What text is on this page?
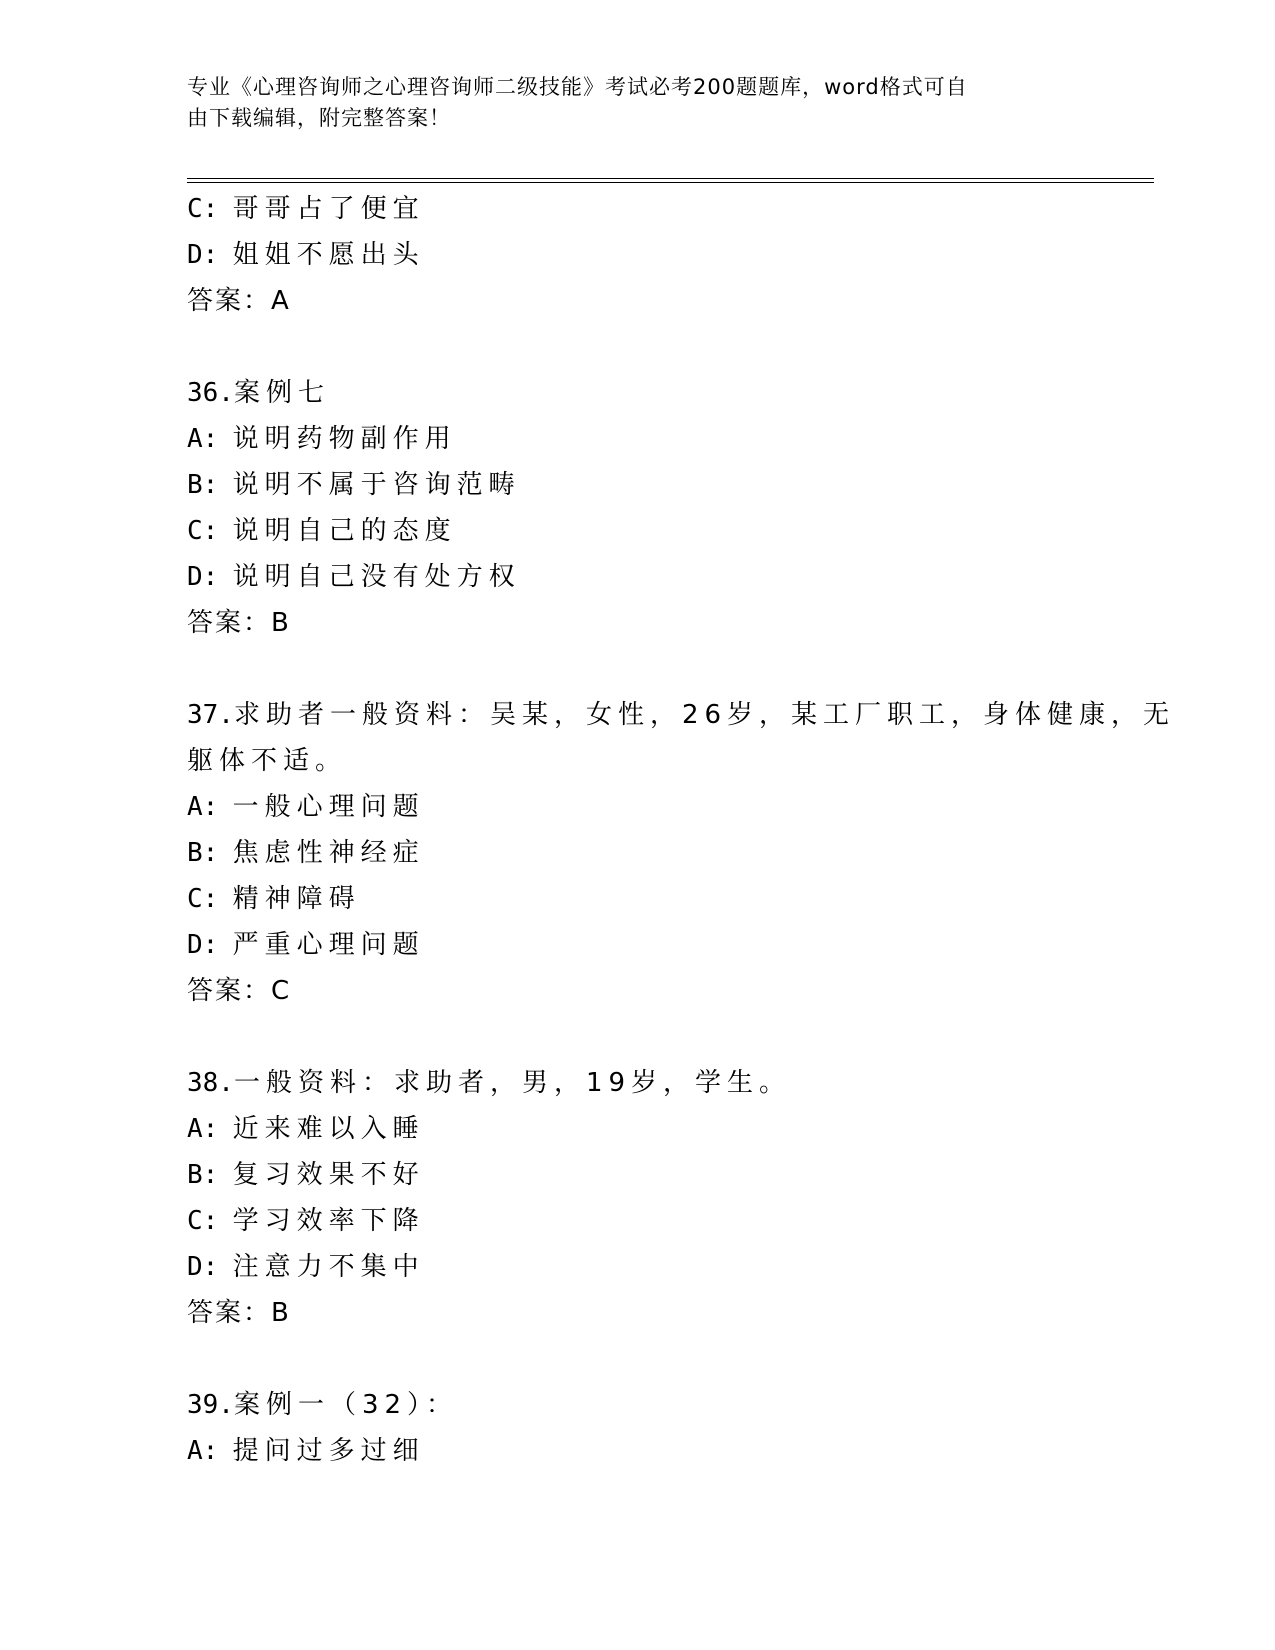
专业《心理咨询师之心理咨询师二级技能》考试必考200题题库，word格式可自
由下载编辑，附完整答案！
C: 哥哥占了便宜
D: 姐姐不愿出头
答案：A
36.案例七
A: 说明药物副作用
B: 说明不属于咨询范畴
C: 说明自己的态度
D: 说明自己没有处方权
答案：B
37.求助者一般资料：吴某，女性，26岁，某工厂职工，身体健康，无
躯体不适。
A: 一般心理问题
B: 焦虑性神经症
C: 精神障碍
D: 严重心理问题
答案：C
38.一般资料：求助者，男，19岁，学生。
A: 近来难以入睡
B: 复习效果不好
C: 学习效率下降
D: 注意力不集中
答案：B
39.案例一（32）：
A: 提问过多过细
